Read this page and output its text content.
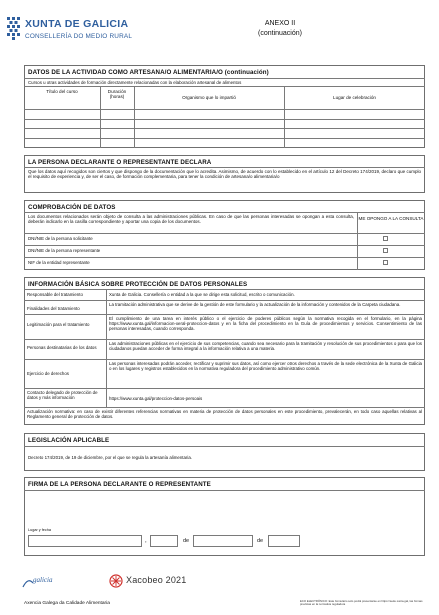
XUNTA DE GALICIA
CONSELLERÍA DO MEDIO RURAL
ANEXO II
(continuación)
DATOS DE LA ACTIVIDAD COMO ARTESANA/O ALIMENTARIA/O (continuación)
Cursos u otras actividades de formación directamente relacionadas con la elaboración artesanal de alimentos
Título del curso	Duración (horas)	Organismo que lo impartió	Lugar de celebración
LA PERSONA DECLARANTE O REPRESENTANTE DECLARA
Que los datos aquí recogidos son ciertos y que dispongo de la documentación que lo acredita. Asimismo, de acuerdo con lo establecido en el artículo 12 del Decreto 174/2019, declaro que cumplo el requisito de experiencia y, de ser el caso, de formación complementaria, para tener la condición de artesana/o alimentaria/o
COMPROBACIÓN DE DATOS
Los documentos relacionados serán objeto de consulta a las administraciones públicas. En caso de que las personas interesadas se opongan a esta consulta, deberán indicarlo en la casilla correspondiente y aportar una copia de los documentos.
ME OPONGO A LA CONSULTA
DNI/NIE de la persona solicitante
DNI/NIE de la persona representante
NIF de la entidad representante
INFORMACIÓN BÁSICA SOBRE PROTECCIÓN DE DATOS PERSONALES
Responsable del tratamiento	Xunta de Galicia. Consellería o entidad a la que se dirige esta solicitud, escrito o comunicación.
Finalidades del tratamiento
La tramitación administrativa que se derive de la gestión de este formulario y la actualización de la información y contenidos de la Carpeta ciudadana.
Legitimación para el tratamiento
El cumplimiento de una tarea en interés público o el ejercicio de poderes públicos según la normativa recogida en el formulario, en la página https://www.xunta.gal/informacion-xeral-proteccion-datos y en la ficha del procedimiento en la Guía de procedimientos y servicios. Consentimiento de las personas interesadas, cuando corresponda.
Personas destinatarias de los datos
Las administraciones públicas en el ejercicio de sus competencias, cuando sea necesario para la tramitación y resolución de sus procedimientos o para que los ciudadanos puedan acceder de forma integral a la información relativa a una materia.
Ejercicio de derechos
Las personas interesadas podrán acceder, rectificar y suprimir sus datos, así como ejercer otros derechos a través de la sede electrónica de la Xunta de Galicia o en los lugares y registros establecidos en la normativa reguladora del procedimiento administrativo común.
Contacto delegado de protección de datos y más información	https://www.xunta.gal/proteccion-datos-persoais
Actualización normativa: en caso de existir diferentes referencias normativas en materia de protección de datos personales en este procedimiento, prevalecerán, en todo caso aquellas relativas al Reglamento general de protección de datos.
LEGISLACIÓN APLICABLE
Decreto 174/2019, de 19 de diciembre, por el que se regula la artesanía alimentaria.
FIRMA DE LA PERSONA DECLARANTE O REPRESENTANTE
Lugar y fecha
,	de	de
galicia	Xacobeo 2021
Axencia Galega da Calidade Alimentaria	ECO ELECTRÓNICO: Este formulario solo podrá presentarse en https://sede.xunta.gal, las formas previstas en la normativa reguladora
